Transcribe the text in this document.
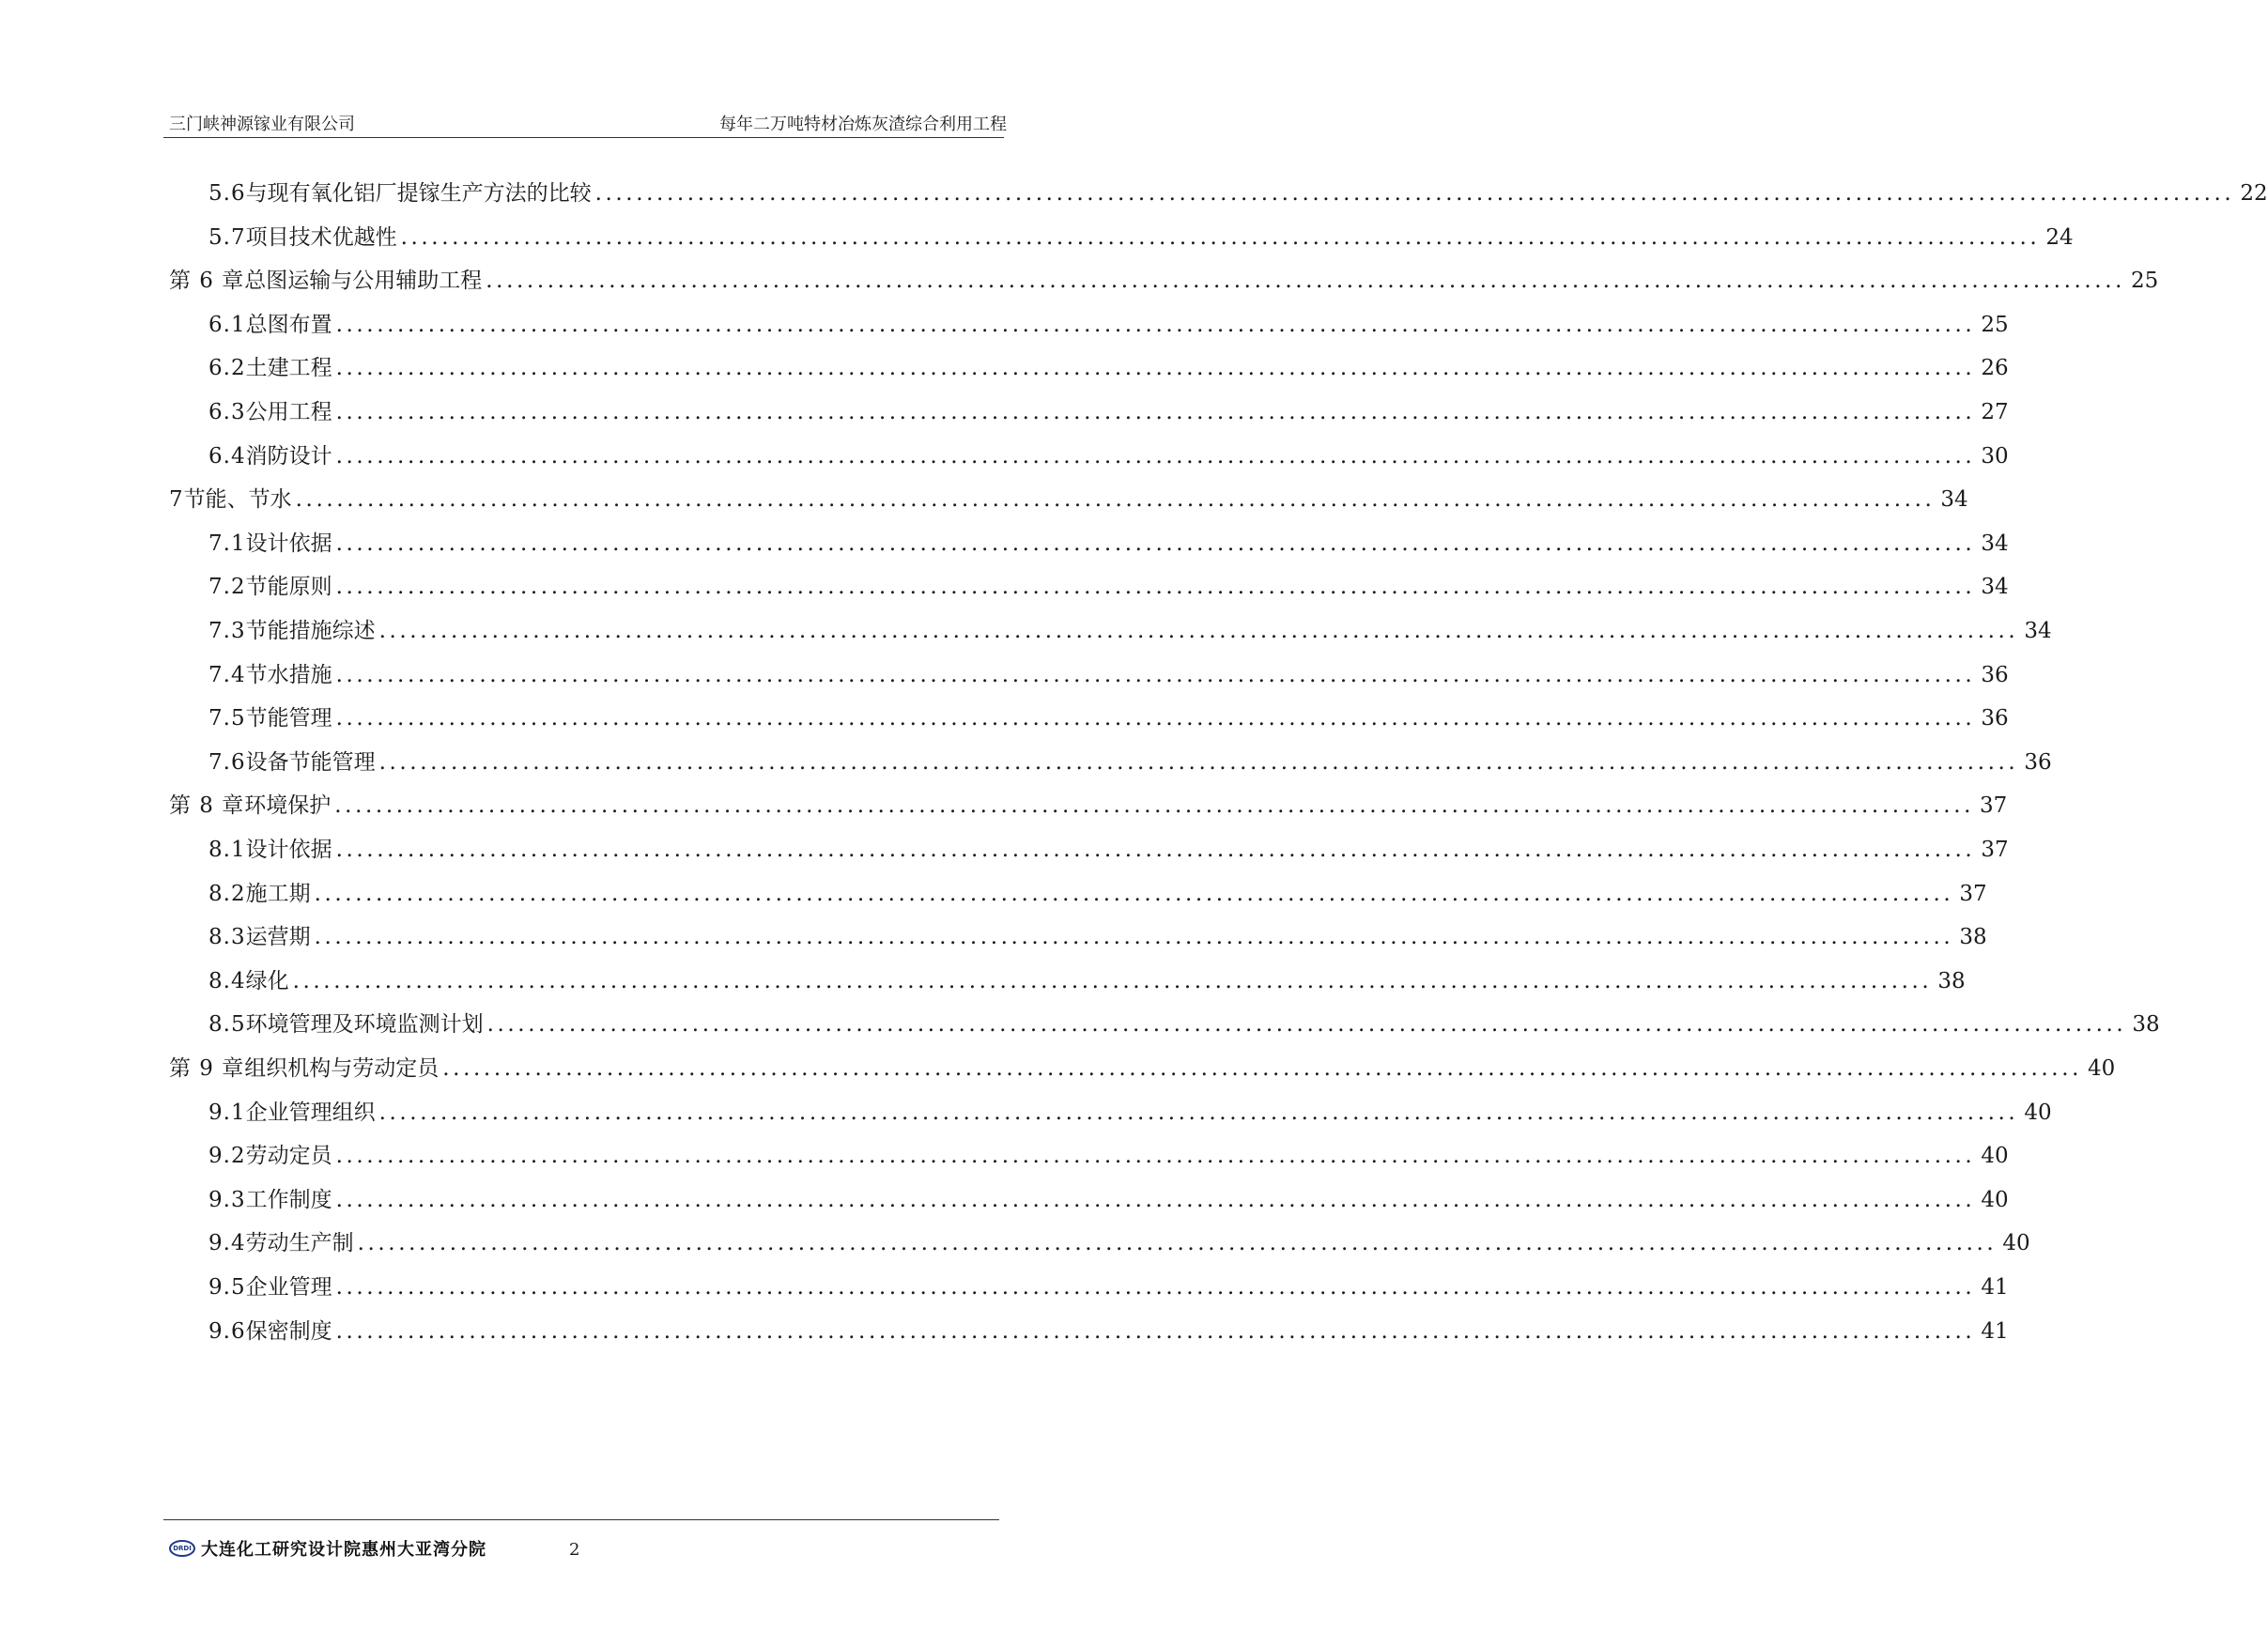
三门峡神源镓业有限公司	每年二万吨特材冶炼灰渣综合利用工程
5.6 与现有氧化铝厂提镓生产方法的比较 ................................................................................................................................................................ 22
5.7 项目技术优越性 ................................................................................................................................................................ 24
第 6 章 总图运输与公用辅助工程 ................................................................................................................................................................ 25
6.1 总图布置 ................................................................................................................................................................ 25
6.2 土建工程 ................................................................................................................................................................ 26
6.3 公用工程 ................................................................................................................................................................ 27
6.4 消防设计 ................................................................................................................................................................ 30
7 节能、节水 ................................................................................................................................................................ 34
7.1 设计依据 ................................................................................................................................................................ 34
7.2 节能原则 ................................................................................................................................................................ 34
7.3 节能措施综述 ................................................................................................................................................................ 34
7.4 节水措施 ................................................................................................................................................................ 36
7.5 节能管理 ................................................................................................................................................................ 36
7.6 设备节能管理 ................................................................................................................................................................ 36
第 8 章 环境保护 ................................................................................................................................................................ 37
8.1 设计依据 ................................................................................................................................................................ 37
8.2 施工期 ................................................................................................................................................................ 37
8.3 运营期 ................................................................................................................................................................ 38
8.4 绿化 ................................................................................................................................................................ 38
8.5 环境管理及环境监测计划 ................................................................................................................................................................ 38
第 9 章 组织机构与劳动定员 ................................................................................................................................................................ 40
9.1 企业管理组织 ................................................................................................................................................................ 40
9.2 劳动定员 ................................................................................................................................................................ 40
9.3 工作制度 ................................................................................................................................................................ 40
9.4 劳动生产制 ................................................................................................................................................................ 40
9.5 企业管理 ................................................................................................................................................................ 41
9.6 保密制度 ................................................................................................................................................................ 41
DRDI 大连化工研究设计院惠州大亚湾分院	2
